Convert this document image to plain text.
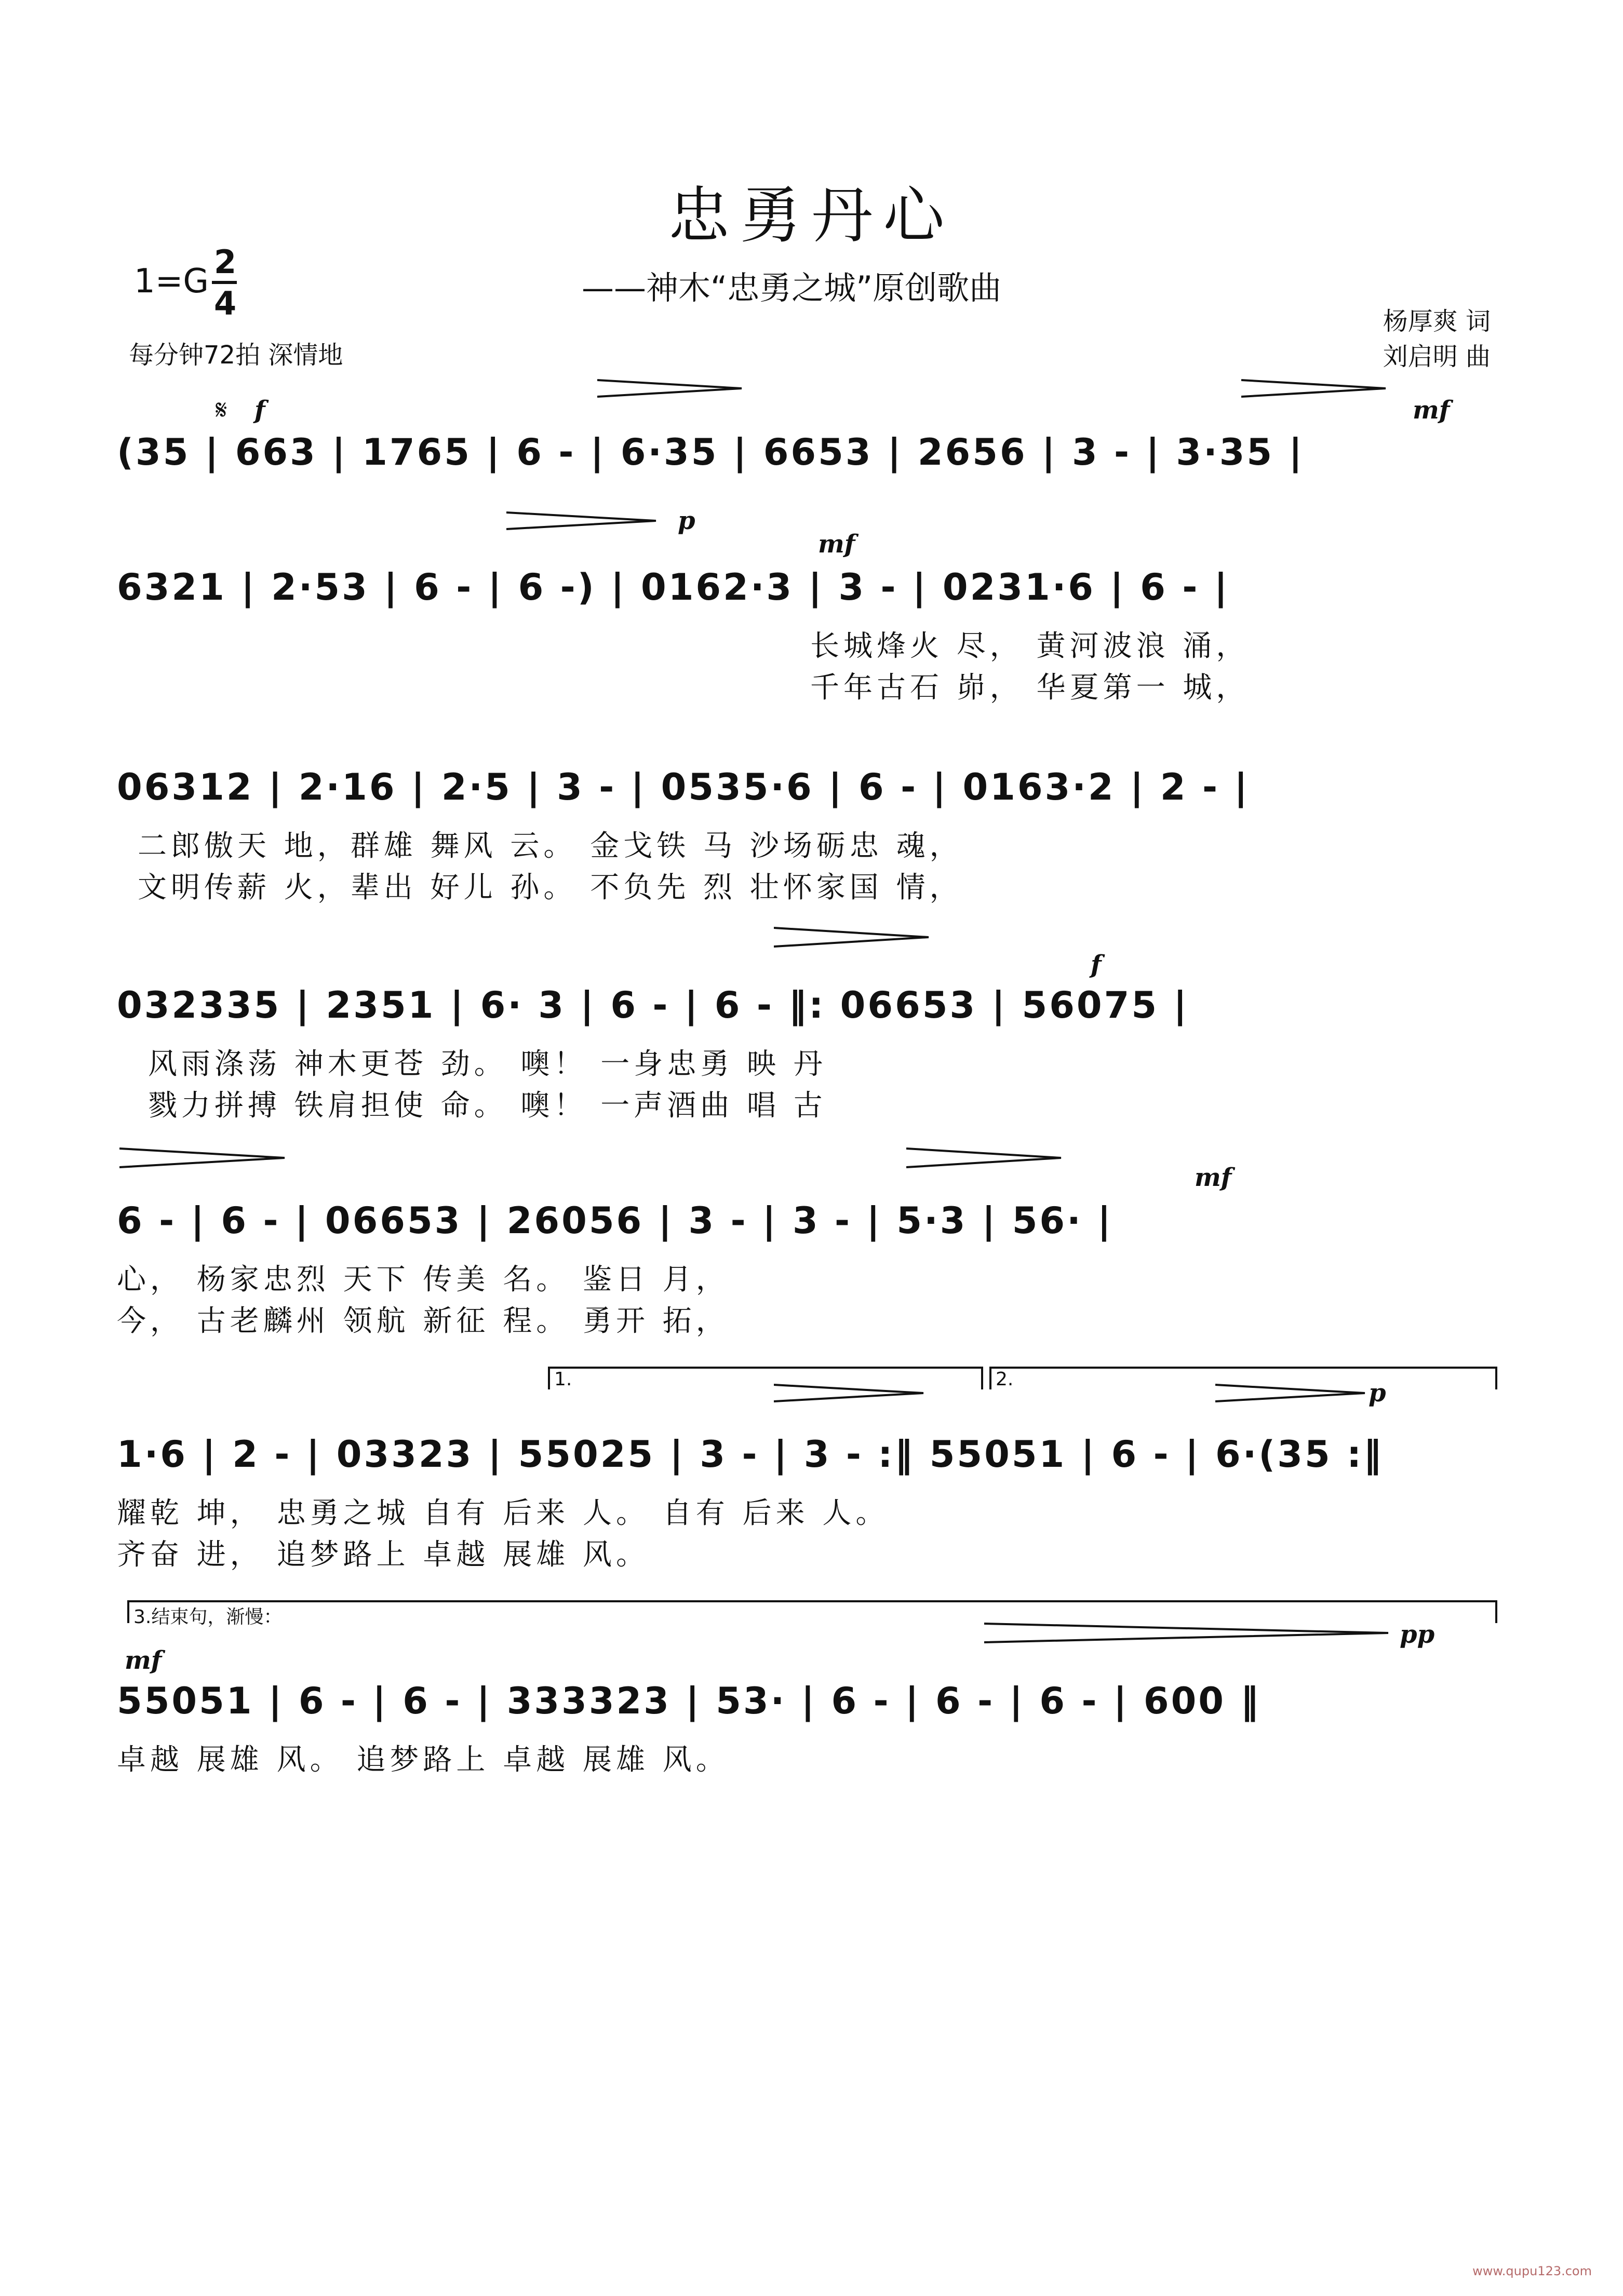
忠勇丹心
1=G
2
4	——神木“忠勇之城”原创歌曲
每分钟72拍 深情地
杨厚爽 词
刘启明 曲
𝄋 f	mf
(35 | 663 | 1765 | 6 - | 6·35 | 6653 | 2656 | 3 - | 3·35 |
p
mf
6321 | 2·53 | 6 - | 6 -) | 0162·3 | 3 - | 0231·6 | 6 - |
长城烽火 尽， 黄河波浪 涌，
千年古石 峁， 华夏第一 城，
06312 | 2·16 | 2·5 | 3 - | 0535·6 | 6 - | 0163·2 | 2 - |
二郎傲天 地，群雄 舞风 云。 金戈铁 马 沙场砺忠 魂，
文明传薪 火，辈出 好儿 孙。 不负先 烈 壮怀家国 情，
f
032335 | 2351 | 6· 3 | 6 - | 6 - ‖: 06653 | 56075 |
风雨涤荡 神木更苍 劲。 噢！ 一身忠勇 映 丹
戮力拼搏 铁肩担使 命。 噢！ 一声酒曲 唱 古
mf
6 - | 6 - | 06653 | 26056 | 3 - | 3 - | 5·3 | 56· |
心， 杨家忠烈 天下 传美 名。 鉴日 月，
今， 古老麟州 领航 新征 程。 勇开 拓，
1.	2.	p
1·6 | 2 - | 03323 | 55025 | 3 - | 3 - :‖ 55051 | 6 - | 6·(35 :‖
耀乾 坤， 忠勇之城 自有 后来 人。 自有 后来 人。
齐奋 进， 追梦路上 卓越 展雄 风。
3.结束句，渐慢：
mf
pp
55051 | 6 - | 6 - | 333323 | 53· | 6 - | 6 - | 6 - | 600 ‖
卓越 展雄 风。 追梦路上 卓越 展雄 风。
www.qupu123.com
